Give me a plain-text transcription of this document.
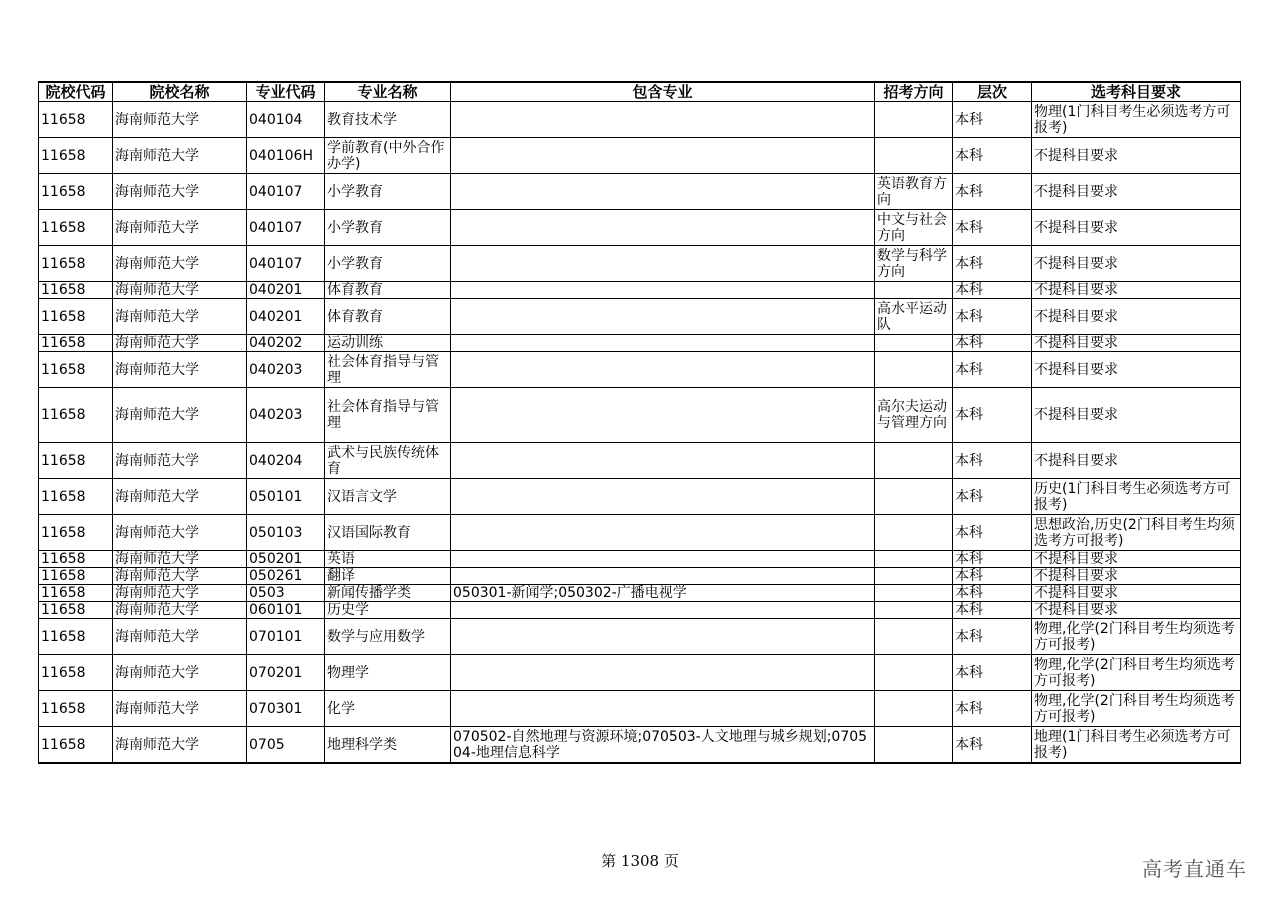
院校代码	院校名称	专业代码	专业名称	包含专业	招考方向	层次	选考科目要求
11658	海南师范大学	040104	教育技术学			本科	物理(1门科目考生必须选考方可报考)
11658	海南师范大学	040106H	学前教育(中外合作办学)			本科	不提科目要求
11658	海南师范大学	040107	小学教育		英语教育方向	本科	不提科目要求
11658	海南师范大学	040107	小学教育		中文与社会方向	本科	不提科目要求
11658	海南师范大学	040107	小学教育		数学与科学方向	本科	不提科目要求
11658	海南师范大学	040201	体育教育			本科	不提科目要求
11658	海南师范大学	040201	体育教育		高水平运动队	本科	不提科目要求
11658	海南师范大学	040202	运动训练			本科	不提科目要求
11658	海南师范大学	040203	社会体育指导与管理			本科	不提科目要求
11658	海南师范大学	040203	社会体育指导与管理		高尔夫运动与管理方向	本科	不提科目要求
11658	海南师范大学	040204	武术与民族传统体育			本科	不提科目要求
11658	海南师范大学	050101	汉语言文学			本科	历史(1门科目考生必须选考方可报考)
11658	海南师范大学	050103	汉语国际教育			本科	思想政治,历史(2门科目考生均须选考方可报考)
11658	海南师范大学	050201	英语			本科	不提科目要求
11658	海南师范大学	050261	翻译			本科	不提科目要求
11658	海南师范大学	0503	新闻传播学类	050301-新闻学;050302-广播电视学		本科	不提科目要求
11658	海南师范大学	060101	历史学			本科	不提科目要求
11658	海南师范大学	070101	数学与应用数学			本科	物理,化学(2门科目考生均须选考方可报考)
11658	海南师范大学	070201	物理学			本科	物理,化学(2门科目考生均须选考方可报考)
11658	海南师范大学	070301	化学			本科	物理,化学(2门科目考生均须选考方可报考)
11658	海南师范大学	0705	地理科学类	070502-自然地理与资源环境;070503-人文地理与城乡规划;070504-地理信息科学		本科	地理(1门科目考生必须选考方可报考)
第 1308 页	高考直通车
